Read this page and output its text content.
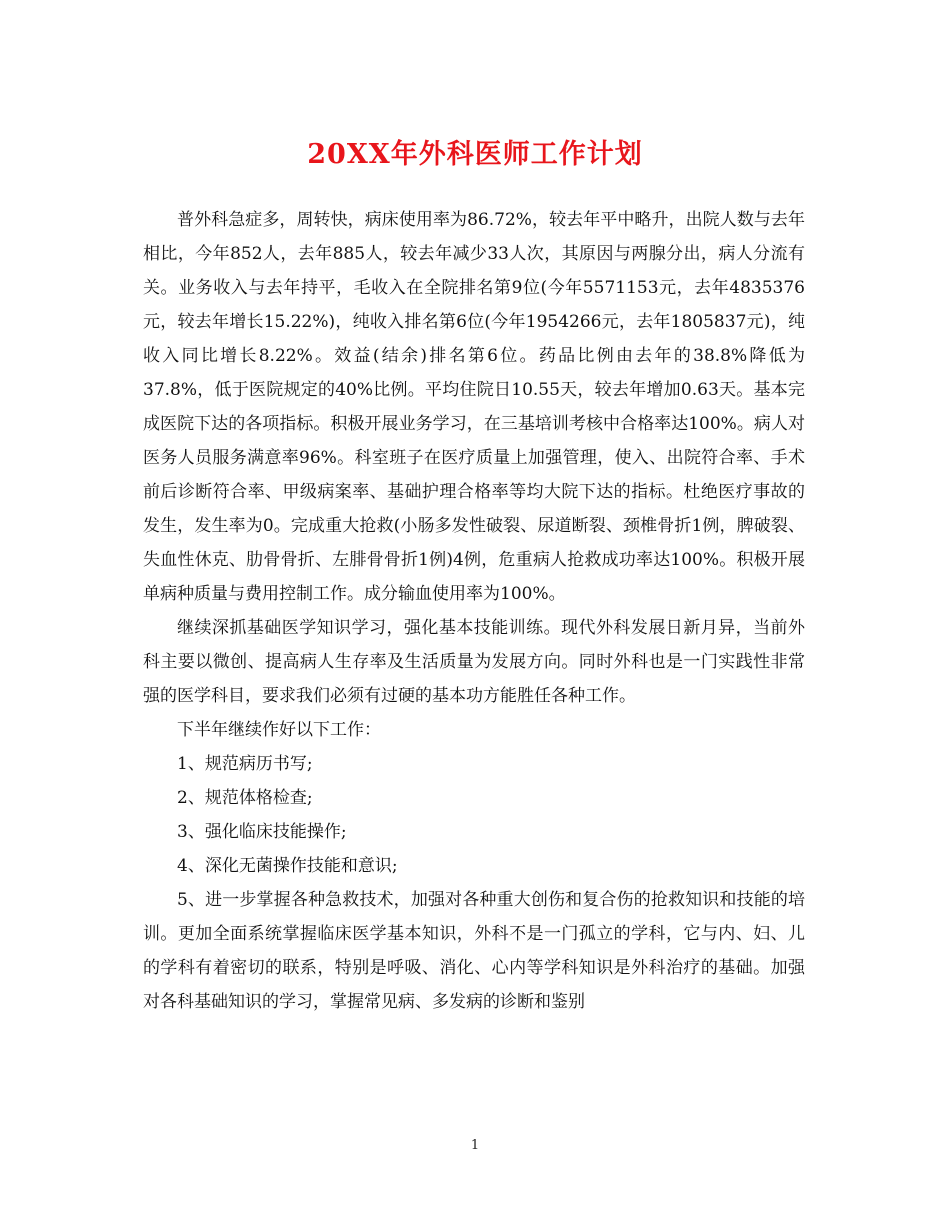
20XX年外科医师工作计划

普外科急症多，周转快，病床使用率为86.72%，较去年平中略升，出院人数与去年相比，今年852人，去年885人，较去年减少33人次，其原因与两腺分出，病人分流有关。业务收入与去年持平，毛收入在全院排名第9位(今年5571153元，去年4835376元，较去年增长15.22%)，纯收入排名第6位(今年1954266元，去年1805837元)，纯收入同比增长8.22%。效益(结余)排名第6位。药品比例由去年的38.8%降低为37.8%，低于医院规定的40%比例。平均住院日10.55天，较去年增加0.63天。基本完成医院下达的各项指标。积极开展业务学习，在三基培训考核中合格率达100%。病人对医务人员服务满意率96%。科室班子在医疗质量上加强管理，使入、出院符合率、手术前后诊断符合率、甲级病案率、基础护理合格率等均大院下达的指标。杜绝医疗事故的发生，发生率为0。完成重大抢救(小肠多发性破裂、尿道断裂、颈椎骨折1例，脾破裂、失血性休克、肋骨骨折、左腓骨骨折1例)4例，危重病人抢救成功率达100%。积极开展单病种质量与费用控制工作。成分输血使用率为100%。

继续深抓基础医学知识学习，强化基本技能训练。现代外科发展日新月异，当前外科主要以微创、提高病人生存率及生活质量为发展方向。同时外科也是一门实践性非常强的医学科目，要求我们必须有过硬的基本功方能胜任各种工作。

下半年继续作好以下工作：

1、规范病历书写;

2、规范体格检查;

3、强化临床技能操作;

4、深化无菌操作技能和意识;

5、进一步掌握各种急救技术，加强对各种重大创伤和复合伤的抢救知识和技能的培训。更加全面系统掌握临床医学基本知识，外科不是一门孤立的学科，它与内、妇、儿的学科有着密切的联系，特别是呼吸、消化、心内等学科知识是外科治疗的基础。加强对各科基础知识的学习，掌握常见病、多发病的诊断和鉴别

1
